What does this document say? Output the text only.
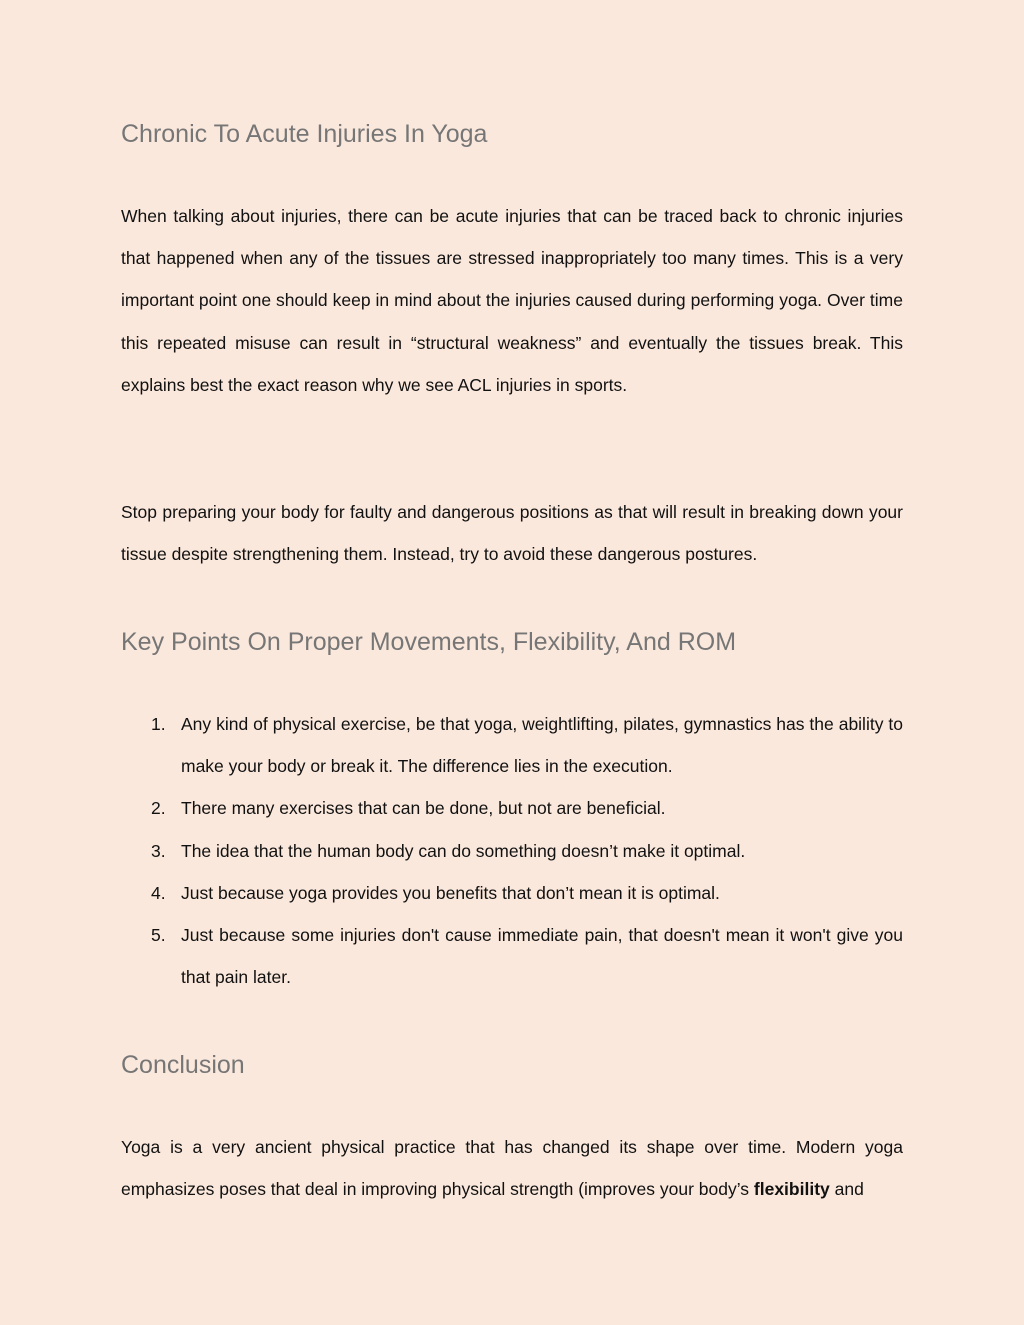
Chronic To Acute Injuries In Yoga

When talking about injuries, there can be acute injuries that can be traced back to chronic injuries that happened when any of the tissues are stressed inappropriately too many times. This is a very important point one should keep in mind about the injuries caused during performing yoga. Over time this repeated misuse can result in “structural weakness” and eventually the tissues break. This explains best the exact reason why we see ACL injuries in sports.

Stop preparing your body for faulty and dangerous positions as that will result in breaking down your tissue despite strengthening them. Instead, try to avoid these dangerous postures.

Key Points On Proper Movements, Flexibility, And ROM
1. Any kind of physical exercise, be that yoga, weightlifting, pilates, gymnastics has the ability to make your body or break it. The difference lies in the execution.
2. There many exercises that can be done, but not are beneficial.
3. The idea that the human body can do something doesn’t make it optimal.
4. Just because yoga provides you benefits that don’t mean it is optimal.
5. Just because some injuries don't cause immediate pain, that doesn't mean it won't give you that pain later.
Conclusion

Yoga is a very ancient physical practice that has changed its shape over time. Modern yoga emphasizes poses that deal in improving physical strength (improves your body’s flexibility and
